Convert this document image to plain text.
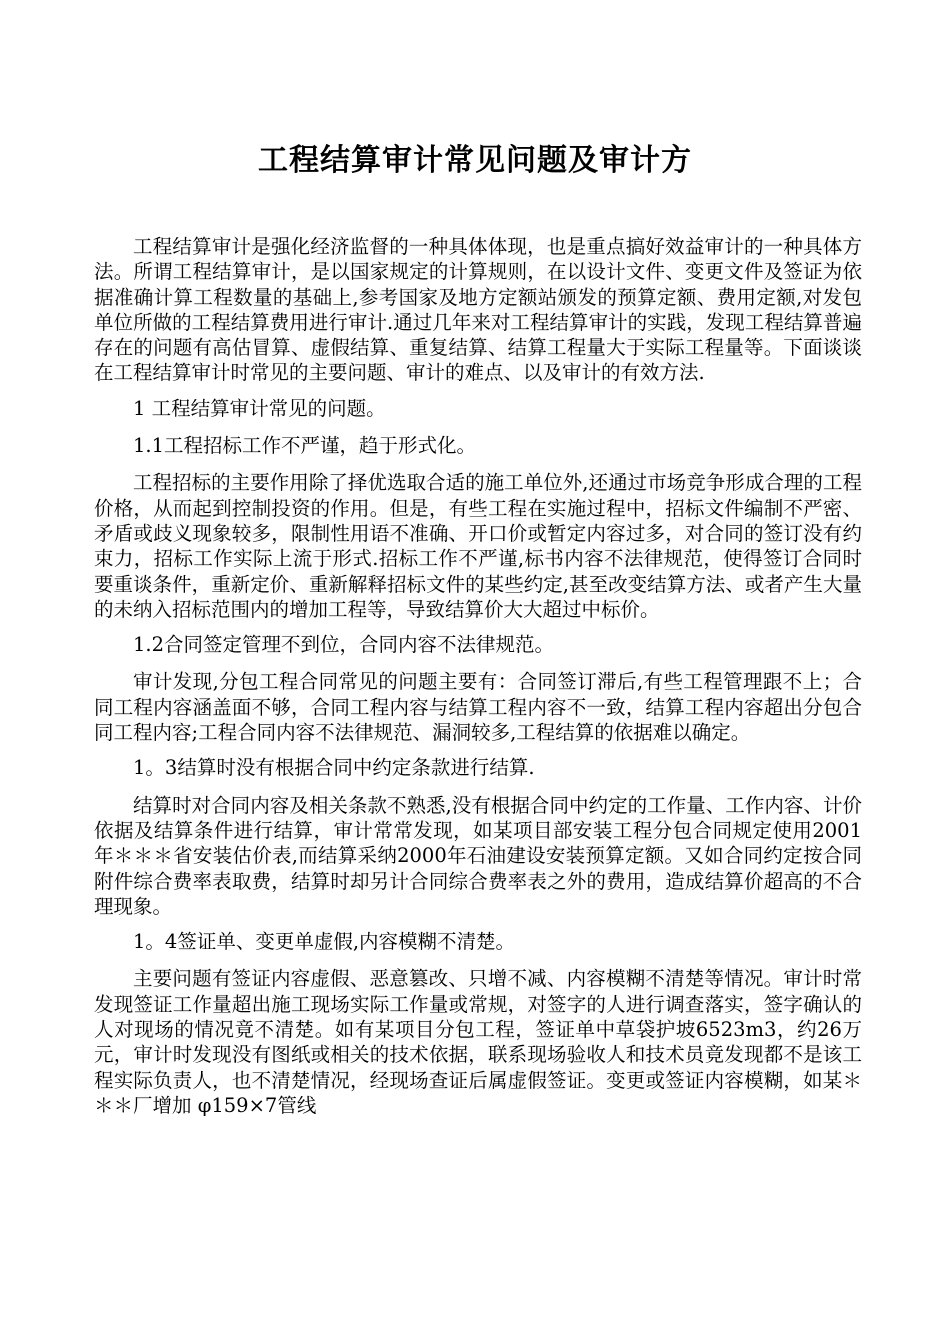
工程结算审计常见问题及审计方

工程结算审计是强化经济监督的一种具体体现，也是重点搞好效益审计的一种具体方法。所谓工程结算审计，是以国家规定的计算规则，在以设计文件、变更文件及签证为依据准确计算工程数量的基础上,参考国家及地方定额站颁发的预算定额、费用定额,对发包单位所做的工程结算费用进行审计.通过几年来对工程结算审计的实践，发现工程结算普遍存在的问题有高估冒算、虚假结算、重复结算、结算工程量大于实际工程量等。下面谈谈在工程结算审计时常见的主要问题、审计的难点、以及审计的有效方法.

1 工程结算审计常见的问题。

1.1工程招标工作不严谨，趋于形式化。

工程招标的主要作用除了择优选取合适的施工单位外,还通过市场竞争形成合理的工程价格，从而起到控制投资的作用。但是，有些工程在实施过程中，招标文件编制不严密、矛盾或歧义现象较多，限制性用语不准确、开口价或暂定内容过多，对合同的签订没有约束力，招标工作实际上流于形式.招标工作不严谨,标书内容不法律规范，使得签订合同时要重谈条件，重新定价、重新解释招标文件的某些约定,甚至改变结算方法、或者产生大量的未纳入招标范围内的增加工程等，导致结算价大大超过中标价。

1.2合同签定管理不到位，合同内容不法律规范。

审计发现,分包工程合同常见的问题主要有：合同签订滞后,有些工程管理跟不上；合同工程内容涵盖面不够，合同工程内容与结算工程内容不一致，结算工程内容超出分包合同工程内容;工程合同内容不法律规范、漏洞较多,工程结算的依据难以确定。

1。3结算时没有根据合同中约定条款进行结算.

结算时对合同内容及相关条款不熟悉,没有根据合同中约定的工作量、工作内容、计价依据及结算条件进行结算，审计常常发现，如某项目部安装工程分包合同规定使用2001年＊＊＊省安装估价表,而结算采纳2000年石油建设安装预算定额。又如合同约定按合同附件综合费率表取费，结算时却另计合同综合费率表之外的费用，造成结算价超高的不合理现象。

1。4签证单、变更单虚假,内容模糊不清楚。

主要问题有签证内容虚假、恶意篡改、只增不减、内容模糊不清楚等情况。审计时常发现签证工作量超出施工现场实际工作量或常规，对签字的人进行调查落实，签字确认的人对现场的情况竟不清楚。如有某项目分包工程，签证单中草袋护坡6523m3，约26万元，审计时发现没有图纸或相关的技术依据，联系现场验收人和技术员竟发现都不是该工程实际负责人，也不清楚情况，经现场查证后属虚假签证。变更或签证内容模糊，如某＊＊＊厂增加 φ159×7管线
